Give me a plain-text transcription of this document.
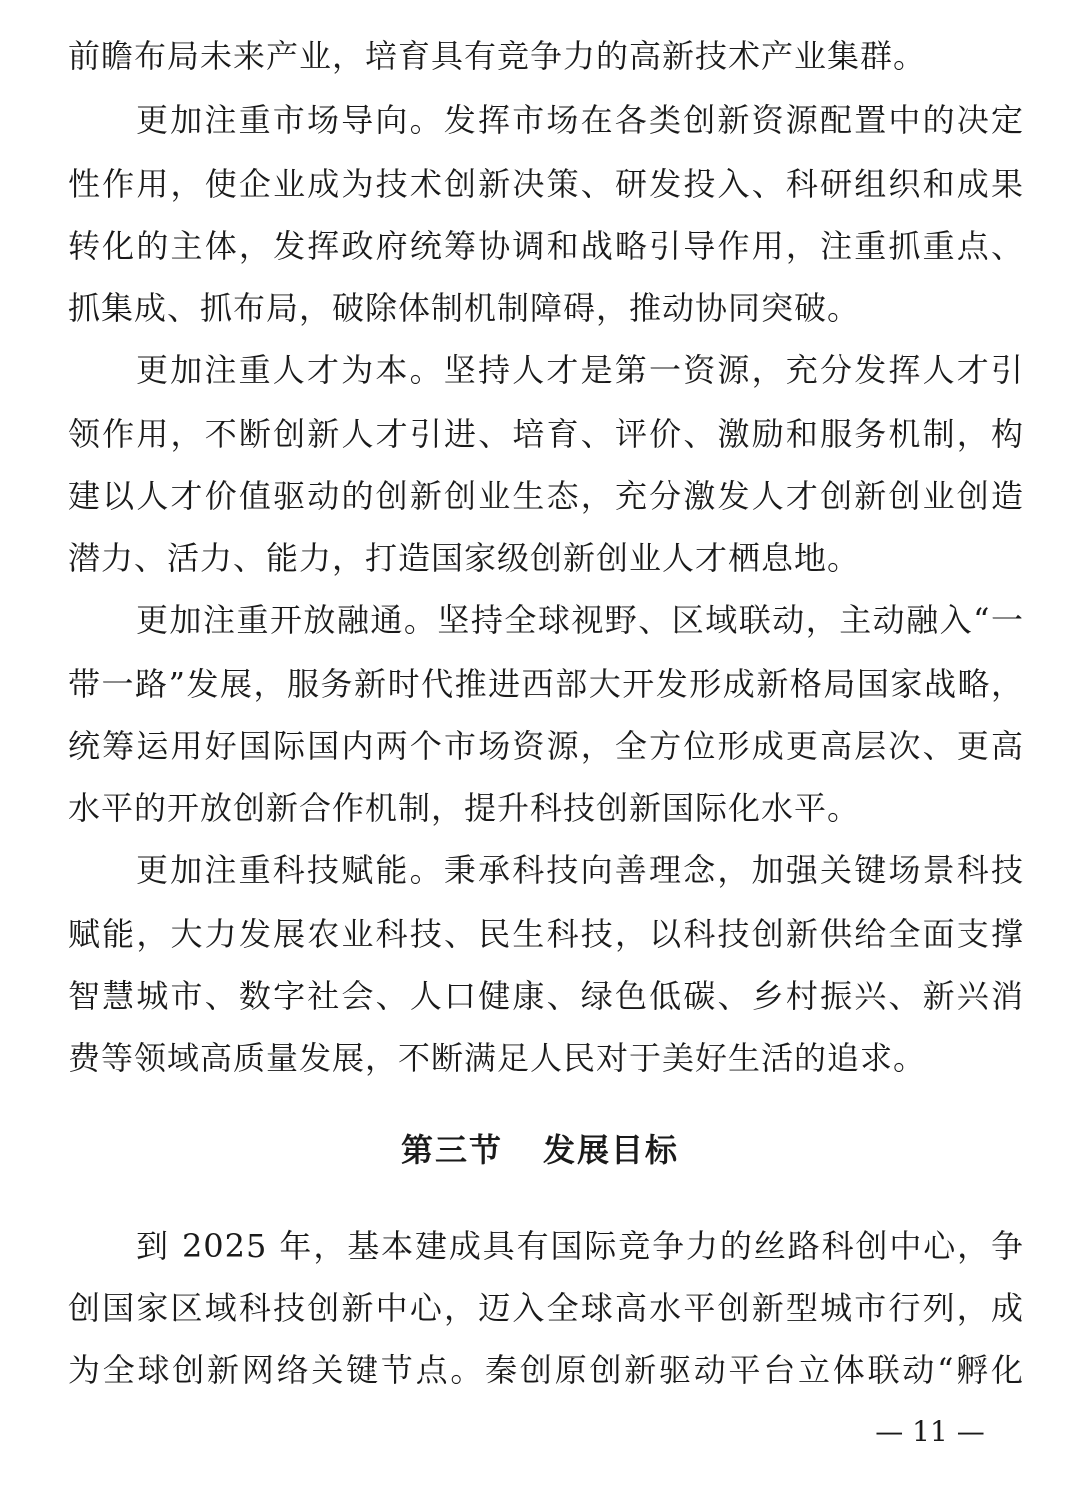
前瞻布局未来产业，培育具有竞争力的高新技术产业集群。
更加注重市场导向。发挥市场在各类创新资源配置中的决定
性作用，使企业成为技术创新决策、研发投入、科研组织和成果
转化的主体，发挥政府统筹协调和战略引导作用，注重抓重点、
抓集成、抓布局，破除体制机制障碍，推动协同突破。
更加注重人才为本。坚持人才是第一资源，充分发挥人才引
领作用，不断创新人才引进、培育、评价、激励和服务机制，构
建以人才价值驱动的创新创业生态，充分激发人才创新创业创造
潜力、活力、能力，打造国家级创新创业人才栖息地。
更加注重开放融通。坚持全球视野、区域联动，主动融入“一
带一路”发展，服务新时代推进西部大开发形成新格局国家战略，
统筹运用好国际国内两个市场资源，全方位形成更高层次、更高
水平的开放创新合作机制，提升科技创新国际化水平。
更加注重科技赋能。秉承科技向善理念，加强关键场景科技
赋能，大力发展农业科技、民生科技，以科技创新供给全面支撑
智慧城市、数字社会、人口健康、绿色低碳、乡村振兴、新兴消
费等领域高质量发展，不断满足人民对于美好生活的追求。
第三节 发展目标
到 2025 年，基本建成具有国际竞争力的丝路科创中心，争
创国家区域科技创新中心，迈入全球高水平创新型城市行列，成
为全球创新网络关键节点。秦创原创新驱动平台立体联动“孵化
— 11 —
